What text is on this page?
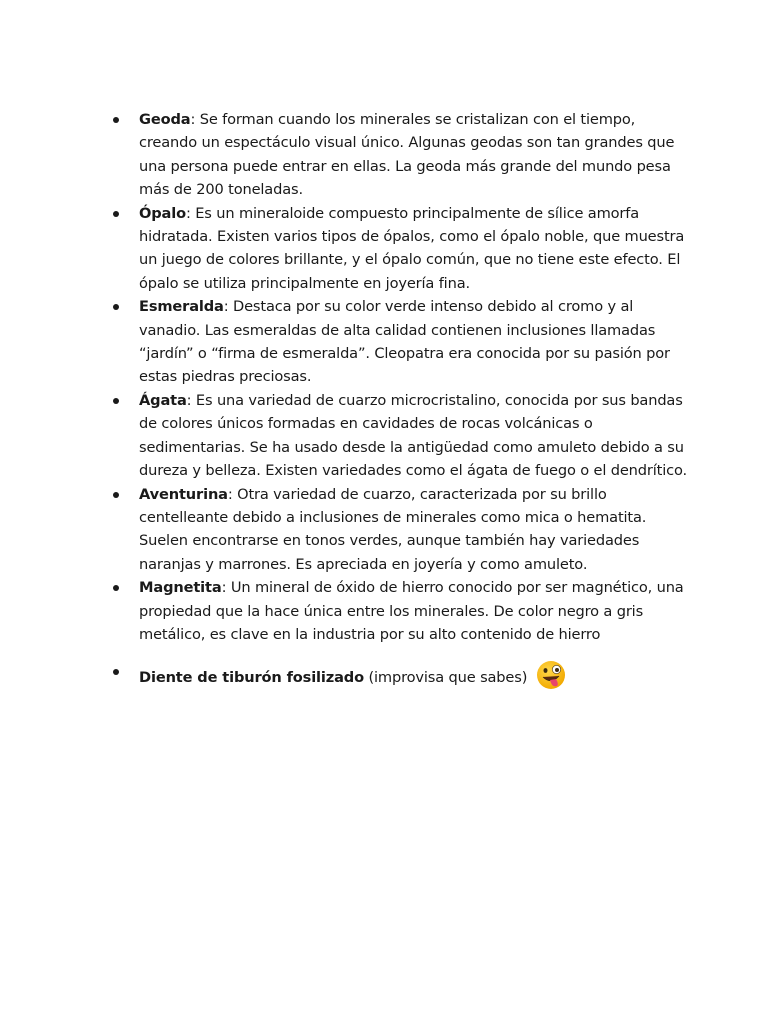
Geoda: Se forman cuando los minerales se cristalizan con el tiempo, creando un espectáculo visual único. Algunas geodas son tan grandes que una persona puede entrar en ellas. La geoda más grande del mundo pesa más de 200 toneladas.
Ópalo: Es un mineraloide compuesto principalmente de sílice amorfa hidratada. Existen varios tipos de ópalos, como el ópalo noble, que muestra un juego de colores brillante, y el ópalo común, que no tiene este efecto. El ópalo se utiliza principalmente en joyería fina.
Esmeralda: Destaca por su color verde intenso debido al cromo y al vanadio. Las esmeraldas de alta calidad contienen inclusiones llamadas “jardín” o “firma de esmeralda”. Cleopatra era conocida por su pasión por estas piedras preciosas.
Ágata: Es una variedad de cuarzo microcristalino, conocida por sus bandas de colores únicos formadas en cavidades de rocas volcánicas o sedimentarias. Se ha usado desde la antigüedad como amuleto debido a su dureza y belleza. Existen variedades como el ágata de fuego o el dendrítico.
Aventurina: Otra variedad de cuarzo, caracterizada por su brillo centelleante debido a inclusiones de minerales como mica o hematita. Suelen encontrarse en tonos verdes, aunque también hay variedades naranjas y marrones. Es apreciada en joyería y como amuleto.
Magnetita: Un mineral de óxido de hierro conocido por ser magnético, una propiedad que la hace única entre los minerales. De color negro a gris metálico, es clave en la industria por su alto contenido de hierro
Diente de tiburón fosilizado (improvisa que sabes)
